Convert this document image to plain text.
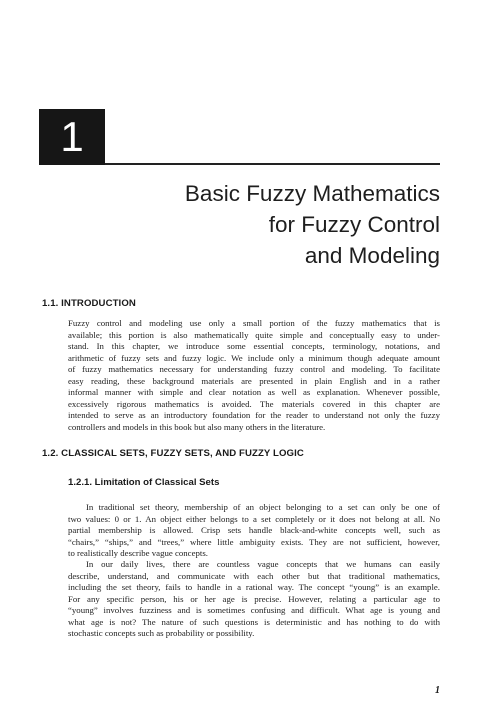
1
Basic Fuzzy Mathematics
for Fuzzy Control
and Modeling
1.1. INTRODUCTION
Fuzzy control and modeling use only a small portion of the fuzzy mathematics that is
available; this portion is also mathematically quite simple and conceptually easy to under-
stand. In this chapter, we introduce some essential concepts, terminology, notations, and
arithmetic of fuzzy sets and fuzzy logic. We include only a minimum though adequate amount
of fuzzy mathematics necessary for understanding fuzzy control and modeling. To facilitate
easy reading, these background materials are presented in plain English and in a rather
informal manner with simple and clear notation as well as explanation. Whenever possible,
excessively rigorous mathematics is avoided. The materials covered in this chapter are
intended to serve as an introductory foundation for the reader to understand not only the fuzzy
controllers and models in this book but also many others in the literature.
1.2. CLASSICAL SETS, FUZZY SETS, AND FUZZY LOGIC
1.2.1. Limitation of Classical Sets
In traditional set theory, membership of an object belonging to a set can only be one of
two values: 0 or 1. An object either belongs to a set completely or it does not belong at all. No
partial membership is allowed. Crisp sets handle black-and-white concepts well, such as
“chairs,” “ships,” and “trees,” where little ambiguity exists. They are not sufficient, however,
to realistically describe vague concepts.
In our daily lives, there are countless vague concepts that we humans can easily
describe, understand, and communicate with each other but that traditional mathematics,
including the set theory, fails to handle in a rational way. The concept “young” is an example.
For any specific person, his or her age is precise. However, relating a particular age to
“young” involves fuzziness and is sometimes confusing and difficult. What age is young and
what age is not? The nature of such questions is deterministic and has nothing to do with
stochastic concepts such as probability or possibility.
1
